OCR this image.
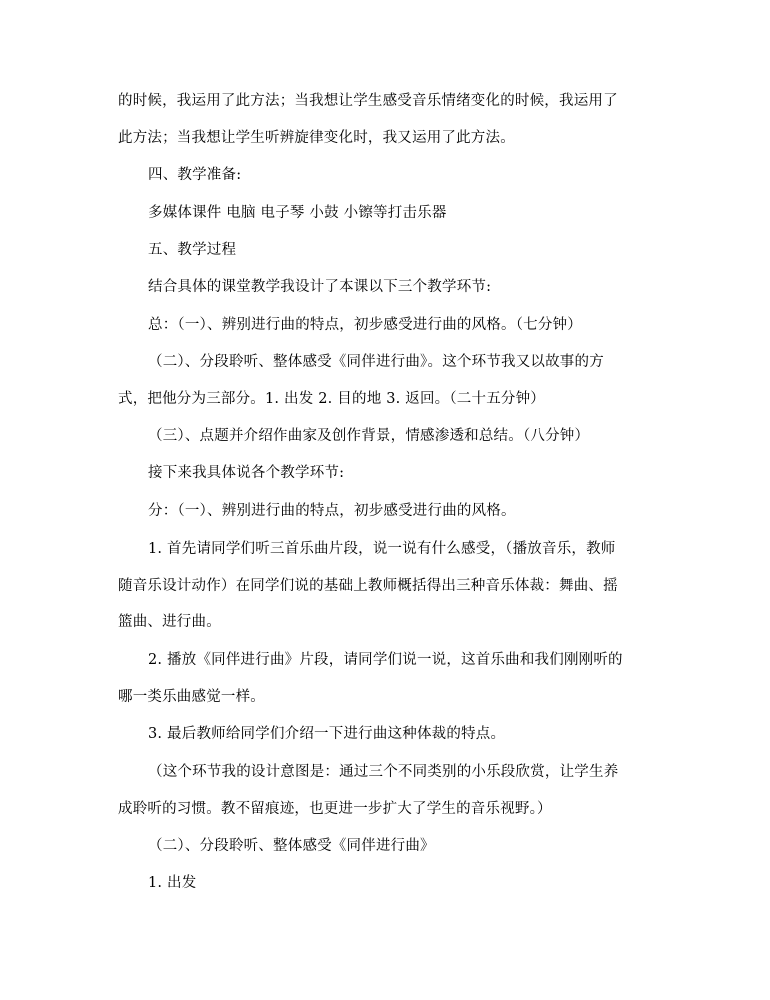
的时候，我运用了此方法；当我想让学生感受音乐情绪变化的时候，我运用了
此方法；当我想让学生听辨旋律变化时，我又运用了此方法。
四、教学准备:
多媒体课件 电脑 电子琴 小鼓 小镲等打击乐器
五、教学过程
结合具体的课堂教学我设计了本课以下三个教学环节:
总：（一）、辨别进行曲的特点，初步感受进行曲的风格。（七分钟）
（二）、分段聆听、整体感受《同伴进行曲》。这个环节我又以故事的方
式，把他分为三部分。1. 出发 2. 目的地 3. 返回。（二十五分钟）
（三）、点题并介绍作曲家及创作背景，情感渗透和总结。（八分钟）
接下来我具体说各个教学环节:
分：（一）、辨别进行曲的特点，初步感受进行曲的风格。
1. 首先请同学们听三首乐曲片段，说一说有什么感受，（播放音乐，教师
随音乐设计动作）在同学们说的基础上教师概括得出三种音乐体裁：舞曲、摇
篮曲、进行曲。
2. 播放《同伴进行曲》片段，请同学们说一说，这首乐曲和我们刚刚听的
哪一类乐曲感觉一样。
3. 最后教师给同学们介绍一下进行曲这种体裁的特点。
（这个环节我的设计意图是：通过三个不同类别的小乐段欣赏，让学生养
成聆听的习惯。教不留痕迹，也更进一步扩大了学生的音乐视野。）
（二）、分段聆听、整体感受《同伴进行曲》
1. 出发
